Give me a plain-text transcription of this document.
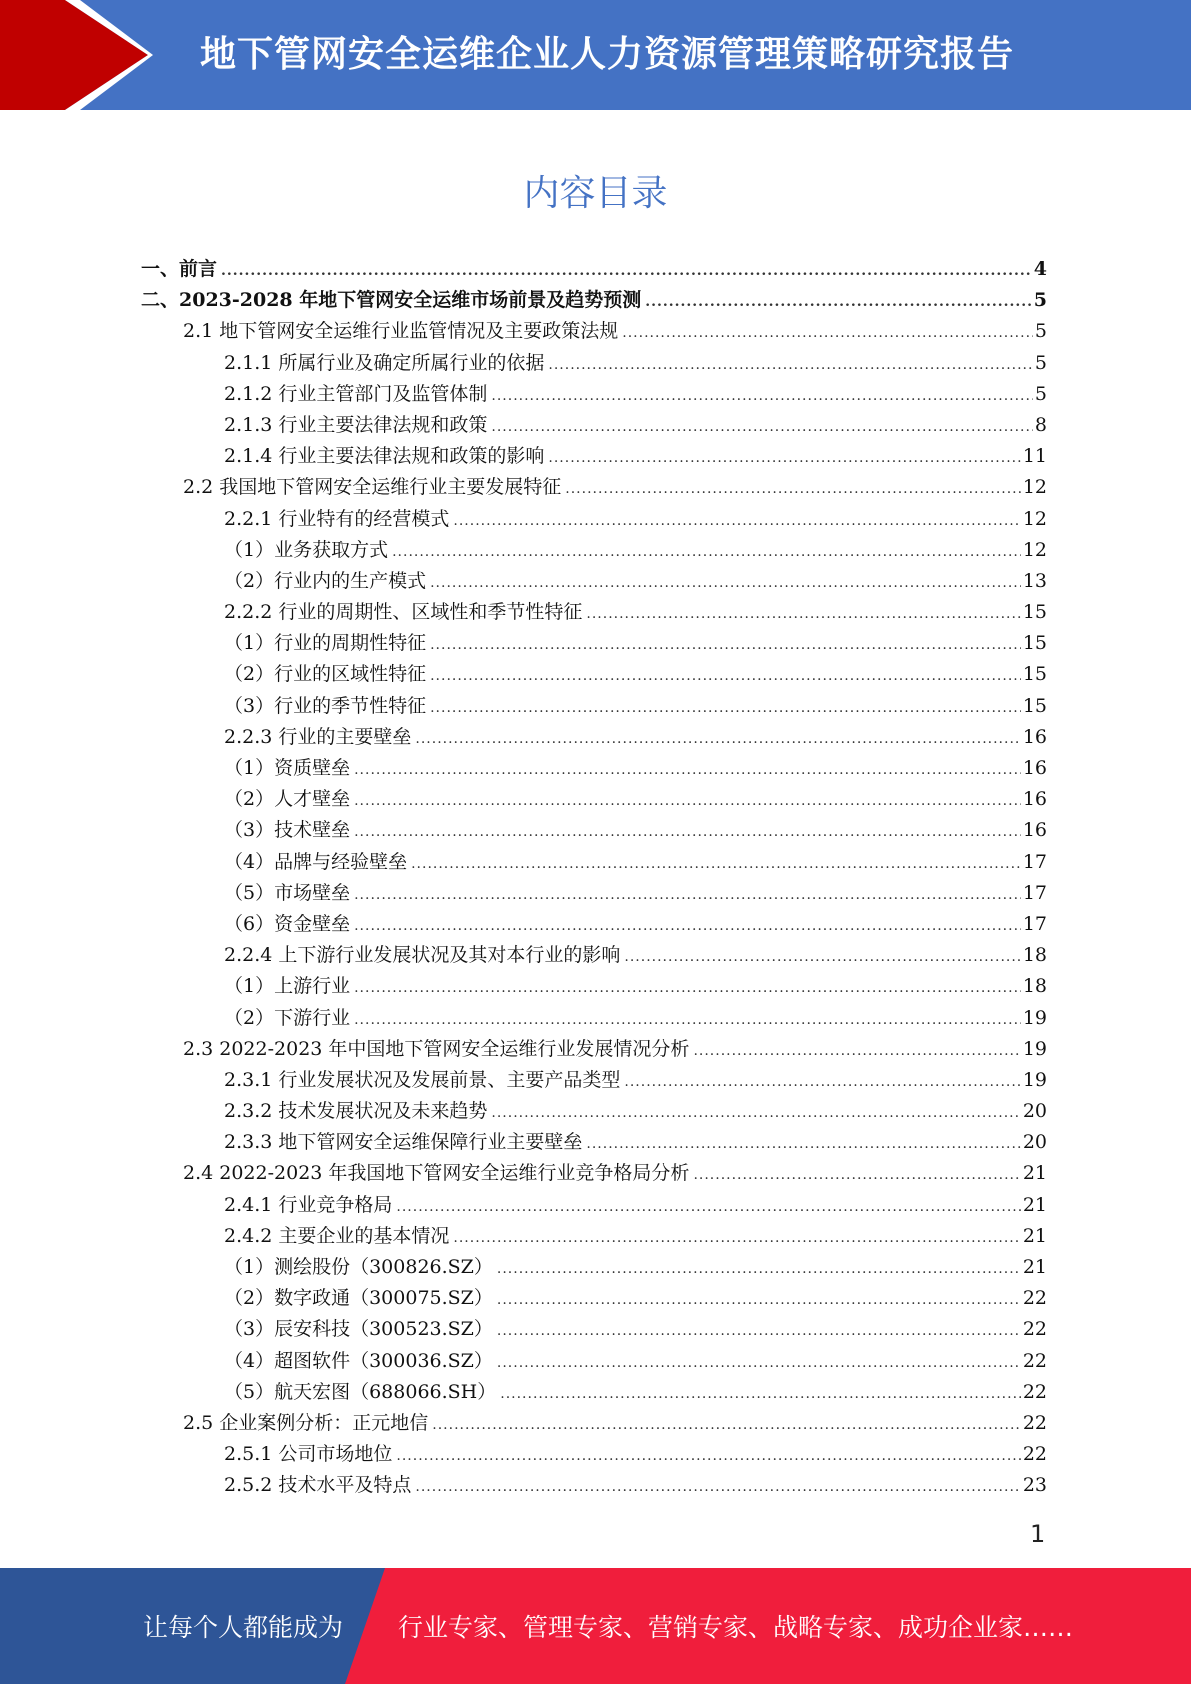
地下管网安全运维企业人力资源管理策略研究报告
内容目录
一、前言 .....	4
二、2023-2028 年地下管网安全运维市场前景及趋势预测 .....	5
2.1 地下管网安全运维行业监管情况及主要政策法规 .....	5
2.1.1 所属行业及确定所属行业的依据 .....	5
2.1.2 行业主管部门及监管体制 .....	5
2.1.3 行业主要法律法规和政策 .....	8
2.1.4 行业主要法律法规和政策的影响 .....	11
2.2 我国地下管网安全运维行业主要发展特征 .....	12
2.2.1 行业特有的经营模式 .....	12
（1）业务获取方式 .....	12
（2）行业内的生产模式 .....	13
2.2.2 行业的周期性、区域性和季节性特征 .....	15
（1）行业的周期性特征 .....	15
（2）行业的区域性特征 .....	15
（3）行业的季节性特征 .....	15
2.2.3 行业的主要壁垒 .....	16
（1）资质壁垒 .....	16
（2）人才壁垒 .....	16
（3）技术壁垒 .....	16
（4）品牌与经验壁垒 .....	17
（5）市场壁垒 .....	17
（6）资金壁垒 .....	17
2.2.4 上下游行业发展状况及其对本行业的影响 .....	18
（1）上游行业 .....	18
（2）下游行业 .....	19
2.3 2022-2023 年中国地下管网安全运维行业发展情况分析 .....	19
2.3.1 行业发展状况及发展前景、主要产品类型 .....	19
2.3.2 技术发展状况及未来趋势 .....	20
2.3.3 地下管网安全运维保障行业主要壁垒 .....	20
2.4 2022-2023 年我国地下管网安全运维行业竞争格局分析 .....	21
2.4.1 行业竞争格局 .....	21
2.4.2 主要企业的基本情况 .....	21
（1）测绘股份（300826.SZ） .....	21
（2）数字政通（300075.SZ） .....	22
（3）辰安科技（300523.SZ） .....	22
（4）超图软件（300036.SZ） .....	22
（5）航天宏图（688066.SH） .....	22
2.5 企业案例分析：正元地信 .....	22
2.5.1 公司市场地位 .....	22
2.5.2 技术水平及特点 .....	23
1
让每个人都能成为 行业专家、管理专家、营销专家、战略专家、成功企业家……
